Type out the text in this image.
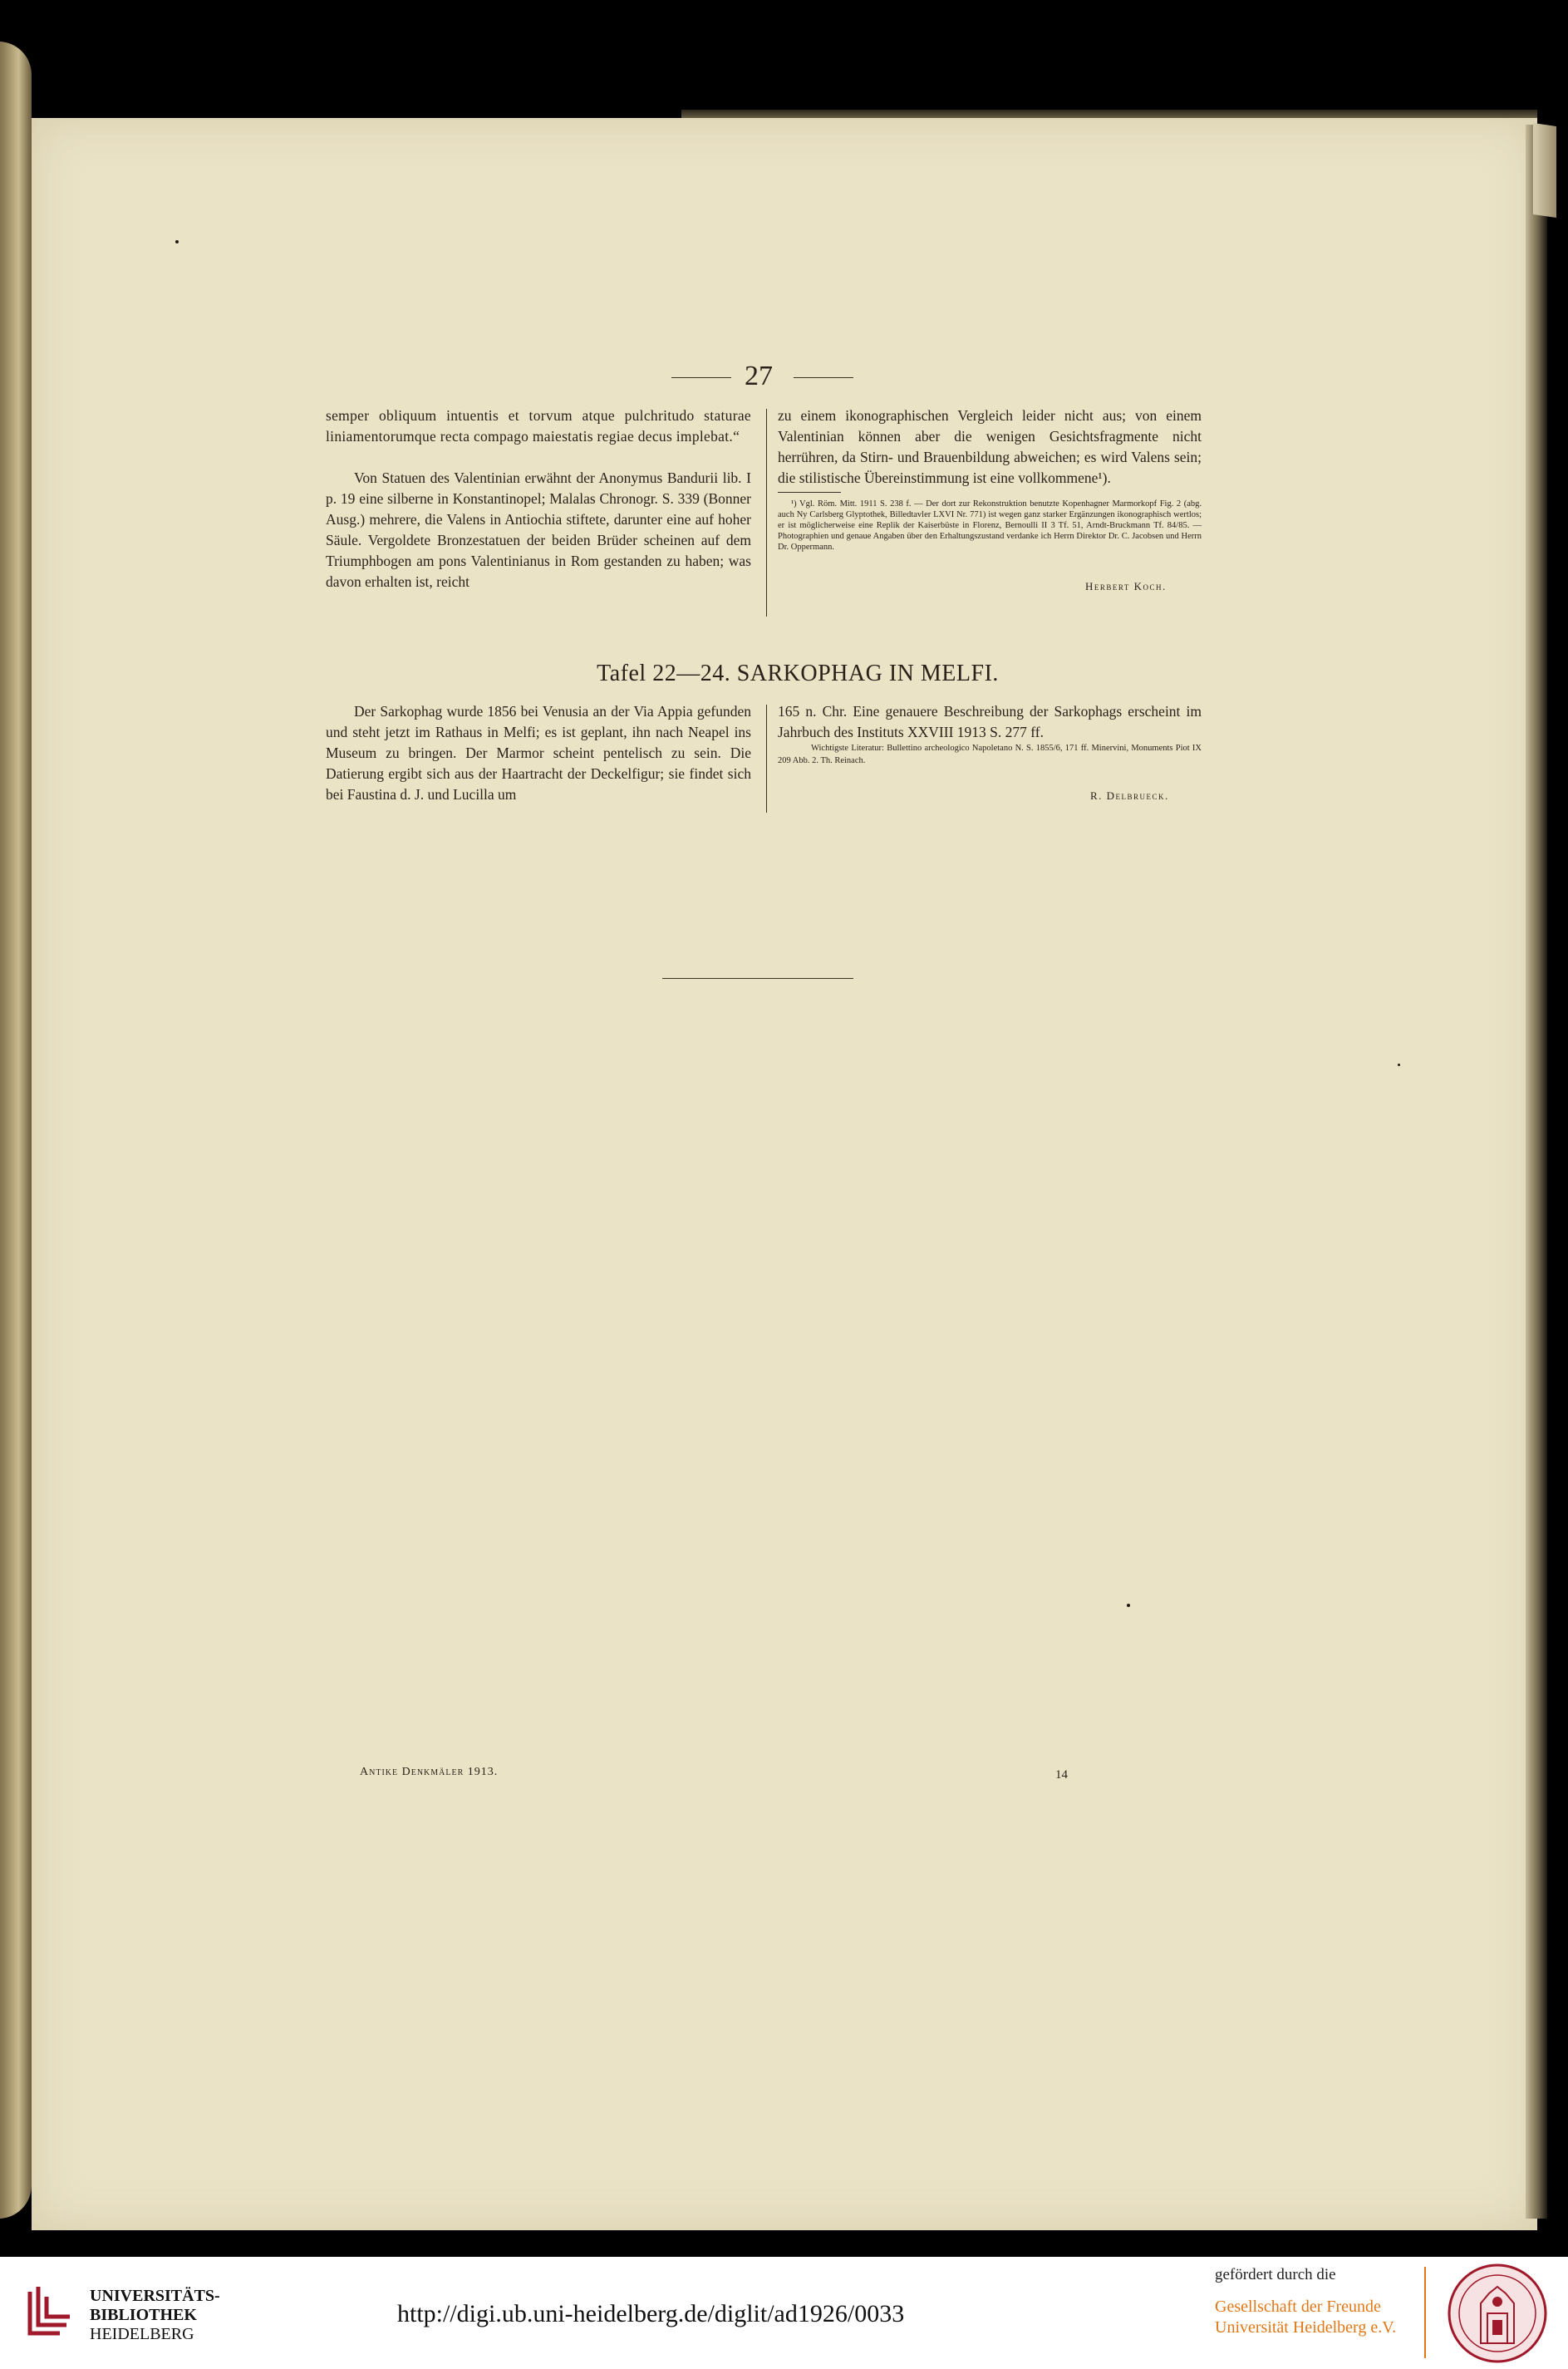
27
semper obliquum intuentis et torvum atque pulchritudo staturae liniamentorumque recta compago maiestatis regiae decus implebat.“
Von Statuen des Valentinian erwähnt der Anonymus Bandurii lib. I p. 19 eine silberne in Konstantinopel; Malalas Chronogr. S. 339 (Bonner Ausg.) mehrere, die Valens in Antiochia stiftete, darunter eine auf hoher Säule. Vergoldete Bronzestatuen der beiden Brüder scheinen auf dem Triumphbogen am pons Valentinianus in Rom gestanden zu haben; was davon erhalten ist, reicht
zu einem ikonographischen Vergleich leider nicht aus; von einem Valentinian können aber die wenigen Gesichtsfragmente nicht herrühren, da Stirn- und Brauenbildung abweichen; es wird Valens sein; die stilistische Übereinstimmung ist eine vollkommene¹).
¹) Vgl. Röm. Mitt. 1911 S. 238 f. — Der dort zur Rekonstruktion benutzte Kopenhagner Marmorkopf Fig. 2 (abg. auch Ny Carlsberg Glyptothek, Billedtavler LXVI Nr. 771) ist wegen ganz starker Ergänzungen ikonographisch wertlos; er ist möglicherweise eine Replik der Kaiserbüste in Florenz, Bernoulli II 3 Tf. 51, Arndt-Bruckmann Tf. 84/85. — Photographien und genaue Angaben über den Erhaltungszustand verdanke ich Herrn Direktor Dr. C. Jacobsen und Herrn Dr. Oppermann.
Herbert Koch.
Tafel 22—24. SARKOPHAG IN MELFI.
Der Sarkophag wurde 1856 bei Venusia an der Via Appia gefunden und steht jetzt im Rathaus in Melfi; es ist geplant, ihn nach Neapel ins Museum zu bringen. Der Marmor scheint pentelisch zu sein. Die Datierung ergibt sich aus der Haartracht der Deckelfigur; sie findet sich bei Faustina d. J. und Lucilla um
165 n. Chr. Eine genauere Beschreibung der Sarkophags erscheint im Jahrbuch des Instituts XXVIII 1913 S. 277 ff.
Wichtigste Literatur: Bullettino archeologico Napoletano N. S. 1855/6, 171 ff. Minervini, Monuments Piot IX 209 Abb. 2. Th. Reinach.
R. Delbrueck.
Antike Denkmäler 1913.	14
UNIVERSITÄTS-
BIBLIOTHEK
HEIDELBERG
http://digi.ub.uni-heidelberg.de/diglit/ad1926/0033
gefördert durch die
Gesellschaft der Freunde
Universität Heidelberg e.V.
